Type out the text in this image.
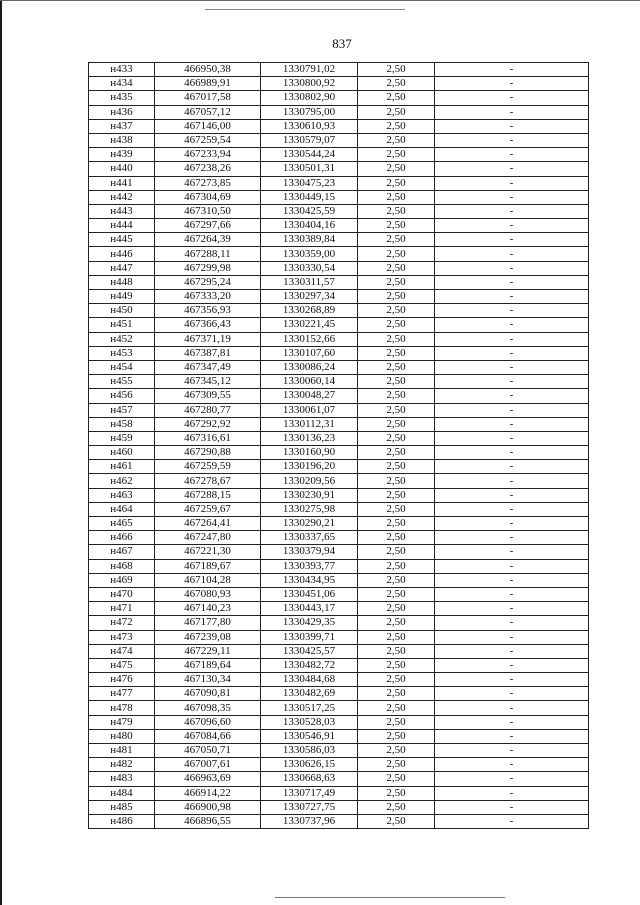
837
н433	466950,38	1330791,02	2,50	-
н434	466989,91	1330800,92	2,50	-
н435	467017,58	1330802,90	2,50	-
н436	467057,12	1330795,00	2,50	-
н437	467146,00	1330610,93	2,50	-
н438	467259,54	1330579,07	2,50	-
н439	467233,94	1330544,24	2,50	-
н440	467238,26	1330501,31	2,50	-
н441	467273,85	1330475,23	2,50	-
н442	467304,69	1330449,15	2,50	-
н443	467310,50	1330425,59	2,50	-
н444	467297,66	1330404,16	2,50	-
н445	467264,39	1330389,84	2,50	-
н446	467288,11	1330359,00	2,50	-
н447	467299,98	1330330,54	2,50	-
н448	467295,24	1330311,57	2,50	-
н449	467333,20	1330297,34	2,50	-
н450	467356,93	1330268,89	2,50	-
н451	467366,43	1330221,45	2,50	-
н452	467371,19	1330152,66	2,50	-
н453	467387,81	1330107,60	2,50	-
н454	467347,49	1330086,24	2,50	-
н455	467345,12	1330060,14	2,50	-
н456	467309,55	1330048,27	2,50	-
н457	467280,77	1330061,07	2,50	-
н458	467292,92	1330112,31	2,50	-
н459	467316,61	1330136,23	2,50	-
н460	467290,88	1330160,90	2,50	-
н461	467259,59	1330196,20	2,50	-
н462	467278,67	1330209,56	2,50	-
н463	467288,15	1330230,91	2,50	-
н464	467259,67	1330275,98	2,50	-
н465	467264,41	1330290,21	2,50	-
н466	467247,80	1330337,65	2,50	-
н467	467221,30	1330379,94	2,50	-
н468	467189,67	1330393,77	2,50	-
н469	467104,28	1330434,95	2,50	-
н470	467080,93	1330451,06	2,50	-
н471	467140,23	1330443,17	2,50	-
н472	467177,80	1330429,35	2,50	-
н473	467239,08	1330399,71	2,50	-
н474	467229,11	1330425,57	2,50	-
н475	467189,64	1330482,72	2,50	-
н476	467130,34	1330484,68	2,50	-
н477	467090,81	1330482,69	2,50	-
н478	467098,35	1330517,25	2,50	-
н479	467096,60	1330528,03	2,50	-
н480	467084,66	1330546,91	2,50	-
н481	467050,71	1330586,03	2,50	-
н482	467007,61	1330626,15	2,50	-
н483	466963,69	1330668,63	2,50	-
н484	466914,22	1330717,49	2,50	-
н485	466900,98	1330727,75	2,50	-
н486	466896,55	1330737,96	2,50	-
